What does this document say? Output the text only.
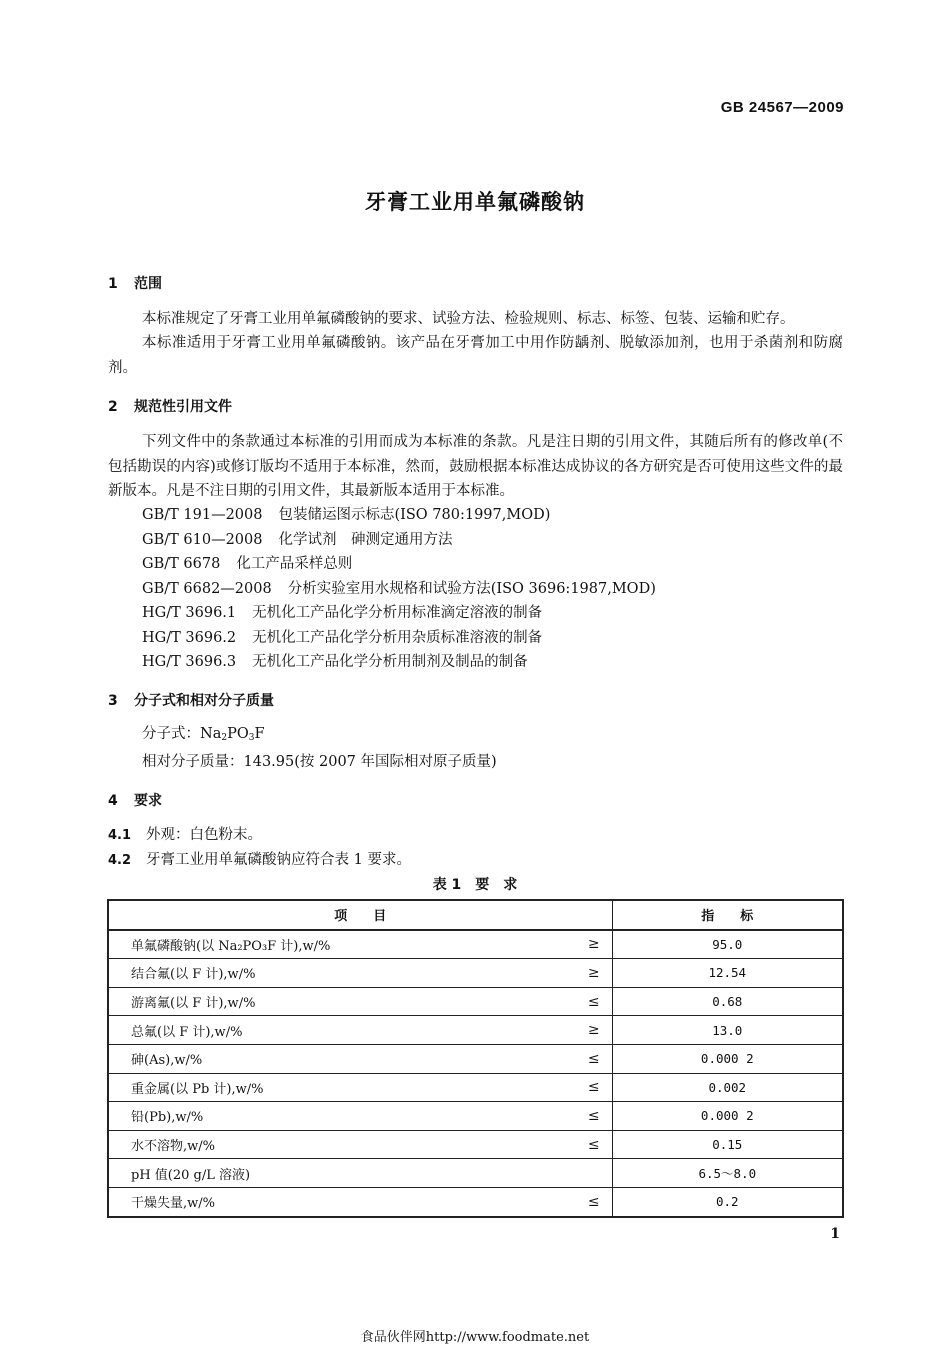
GB 24567—2009
牙膏工业用单氟磷酸钠
1 范围
本标准规定了牙膏工业用单氟磷酸钠的要求、试验方法、检验规则、标志、标签、包装、运输和贮存。
本标准适用于牙膏工业用单氟磷酸钠。该产品在牙膏加工中用作防龋剂、脱敏添加剂，也用于杀菌剂和防腐剂。
2 规范性引用文件
下列文件中的条款通过本标准的引用而成为本标准的条款。凡是注日期的引用文件，其随后所有的修改单(不包括勘误的内容)或修订版均不适用于本标准，然而，鼓励根据本标准达成协议的各方研究是否可使用这些文件的最新版本。凡是不注日期的引用文件，其最新版本适用于本标准。
GB/T 191—2008 包装储运图示标志(ISO 780:1997,MOD)
GB/T 610—2008 化学试剂　砷测定通用方法
GB/T 6678 化工产品采样总则
GB/T 6682—2008 分析实验室用水规格和试验方法(ISO 3696:1987,MOD)
HG/T 3696.1 无机化工产品化学分析用标准滴定溶液的制备
HG/T 3696.2 无机化工产品化学分析用杂质标准溶液的制备
HG/T 3696.3 无机化工产品化学分析用制剂及制品的制备
3 分子式和相对分子质量
分子式：$Na_2PO_3F$
相对分子质量：143.95(按 2007 年国际相对原子质量)
4 要求
4.1 外观：白色粉末。
4.2 牙膏工业用单氟磷酸钠应符合表 1 要求。
表 1　要　求
项　　目		指　　标
单氟磷酸钠(以 Na₂PO₃F 计),w/%	≥	95.0
结合氟(以 F 计),w/%	≥	12.54
游离氟(以 F 计),w/%	≤	0.68
总氟(以 F 计),w/%	≥	13.0
砷(As),w/%	≤	0.000 2
重金属(以 Pb 计),w/%	≤	0.002
铅(Pb),w/%	≤	0.000 2
水不溶物,w/%	≤	0.15
pH 值(20 g/L 溶液)		6.5～8.0
干燥失量,w/%	≤	0.2
1
食品伙伴网http://www.foodmate.net
